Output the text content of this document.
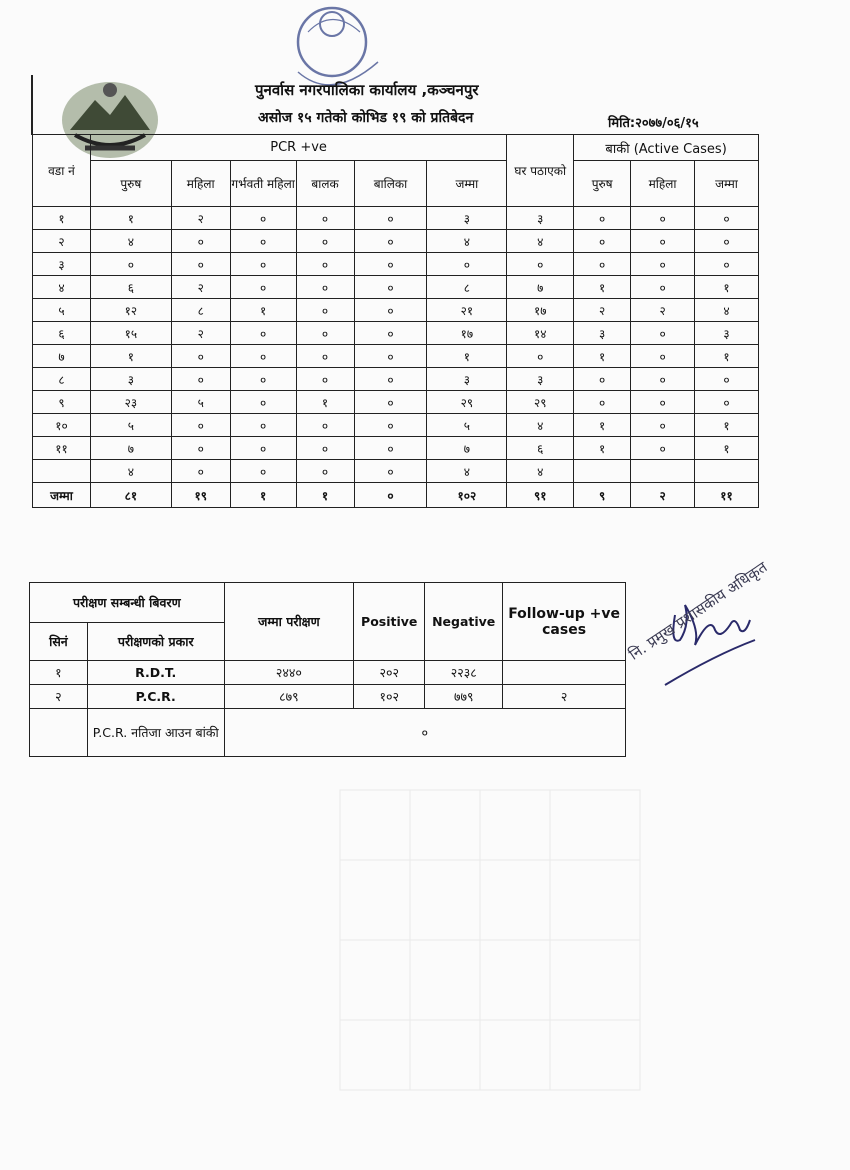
पुनर्वास नगरपालिका कार्यालय ,कञ्चनपुर
असोज १५ गतेको कोभिड १९ को प्रतिबेदन	मिति:२०७७/०६/१५
वडा नं	PCR +ve						घर पठाएको	बाकी (Active Cases)		
	पुरुष	महिला	गर्भवती महिला	बालक	बालिका	जम्मा		पुरुष	महिला	जम्मा
१	१	२	०	०	०	३	३	०	०	०
२	४	०	०	०	०	४	४	०	०	०
३	०	०	०	०	०	०	०	०	०	०
४	६	२	०	०	०	८	७	१	०	१
५	१२	८	१	०	०	२१	१७	२	२	४
६	१५	२	०	०	०	१७	१४	३	०	३
७	१	०	०	०	०	१	०	१	०	१
८	३	०	०	०	०	३	३	०	०	०
९	२३	५	०	१	०	२९	२९	०	०	०
१०	५	०	०	०	०	५	४	१	०	१
११	७	०	०	०	०	७	६	१	०	१
	४	०	०	०	०	४	४			
जम्मा	८१	१९	१	१	०	१०२	९१	९	२	११
परीक्षण सम्बन्धी बिवरण		जम्मा परीक्षण	Positive	Negative	Follow-up +ve cases
सिनं	परीक्षणको प्रकार				
१	R.D.T.	२४४०	२०२	२२३८	
२	P.C.R.	८७९	१०२	७७९	२
	P.C.R. नतिजा आउन बांकी	०			
नि. प्रमुख प्रशासकीय अधिकृत
